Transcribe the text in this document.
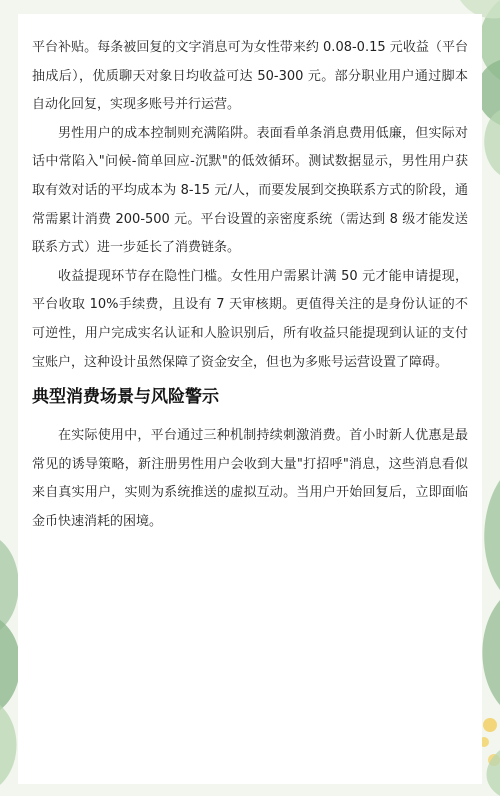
平台补贴。每条被回复的文字消息可为女性带来约 0.08-0.15 元收益（平台抽成后），优质聊天对象日均收益可达 50-300 元。部分职业用户通过脚本自动化回复，实现多账号并行运营。

男性用户的成本控制则充满陷阱。表面看单条消息费用低廉，但实际对话中常陷入"问候-简单回应-沉默"的低效循环。测试数据显示，男性用户获取有效对话的平均成本为 8-15 元/人，而要发展到交换联系方式的阶段，通常需累计消费 200-500 元。平台设置的亲密度系统（需达到 8 级才能发送联系方式）进一步延长了消费链条。

收益提现环节存在隐性门槛。女性用户需累计满 50 元才能申请提现，平台收取 10%手续费，且设有 7 天审核期。更值得关注的是身份认证的不可逆性，用户完成实名认证和人脸识别后，所有收益只能提现到认证的支付宝账户，这种设计虽然保障了资金安全，但也为多账号运营设置了障碍。

典型消费场景与风险警示

在实际使用中，平台通过三种机制持续刺激消费。首小时新人优惠是最常见的诱导策略，新注册男性用户会收到大量"打招呼"消息，这些消息看似来自真实用户，实则为系统推送的虚拟互动。当用户开始回复后，立即面临金币快速消耗的困境。
